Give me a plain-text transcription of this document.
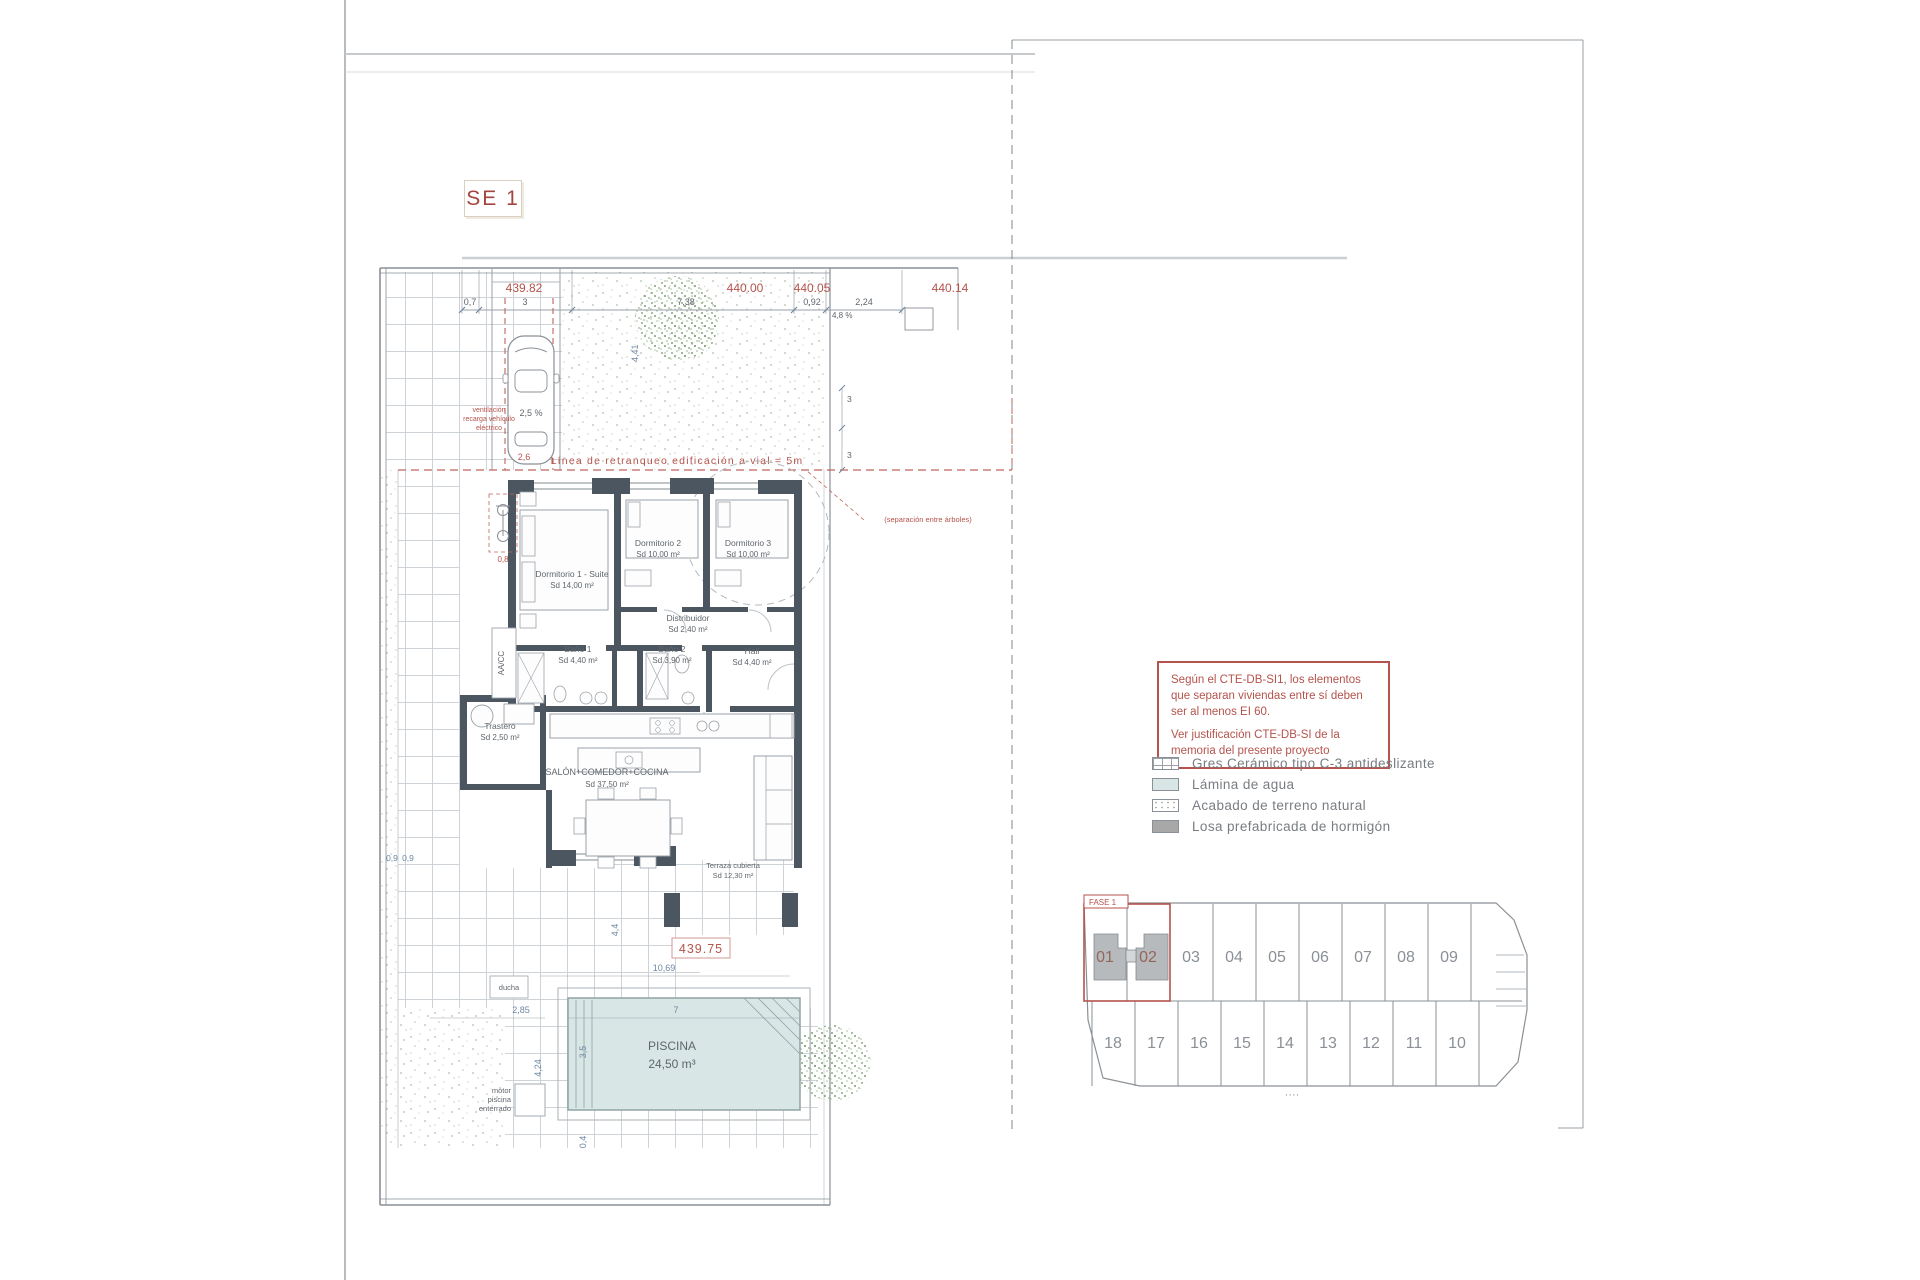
439.82	440.00	440.05	440.14
0,7	3	7,38	0,92	2,24
2,5 %
2,6
ventilación
recarga vehículo
eléctrico
Línea de retranqueo edificación a vial = 5m
(separación entre árboles)
3
3
4,41
4,8 %
Dormitorio 1 - Suite
Sd 14,00 m²
Dormitorio 2
Sd 10,00 m²
Dormitorio 3
Sd 10,00 m²
Distribuidor
Sd 2,40 m²
Baño 1
Sd 4,40 m²
Baño 2
Sd 3,90 m²
Hall
Sd 4,40 m²
Trastero
Sd 2,50 m²
SALÓN+COMEDOR+COCINA
Sd 37,50 m²
Terraza cubierta
Sd 12,30 m²
AA/CC
0,8
4,4
10,69
0,9 0,9
439.75
PISCINA
24,50 m³
2,85	7
3,5
4,24
0,4
ducha
motor
piscina
enterrado
FASE 1
01 02 03 04 05 06 07 08 09
18 17 16 15 14 13 12 11 10
····
SE 1

Según el CTE-DB-SI1, los elementos que separan viviendas entre sí deben ser al menos EI 60.

Ver justificación CTE-DB-SI de la memoria del presente proyecto

Gres Cerámico tipo C-3 antideslizante
Lámina de agua
Acabado de terreno natural
Losa prefabricada de hormigón
